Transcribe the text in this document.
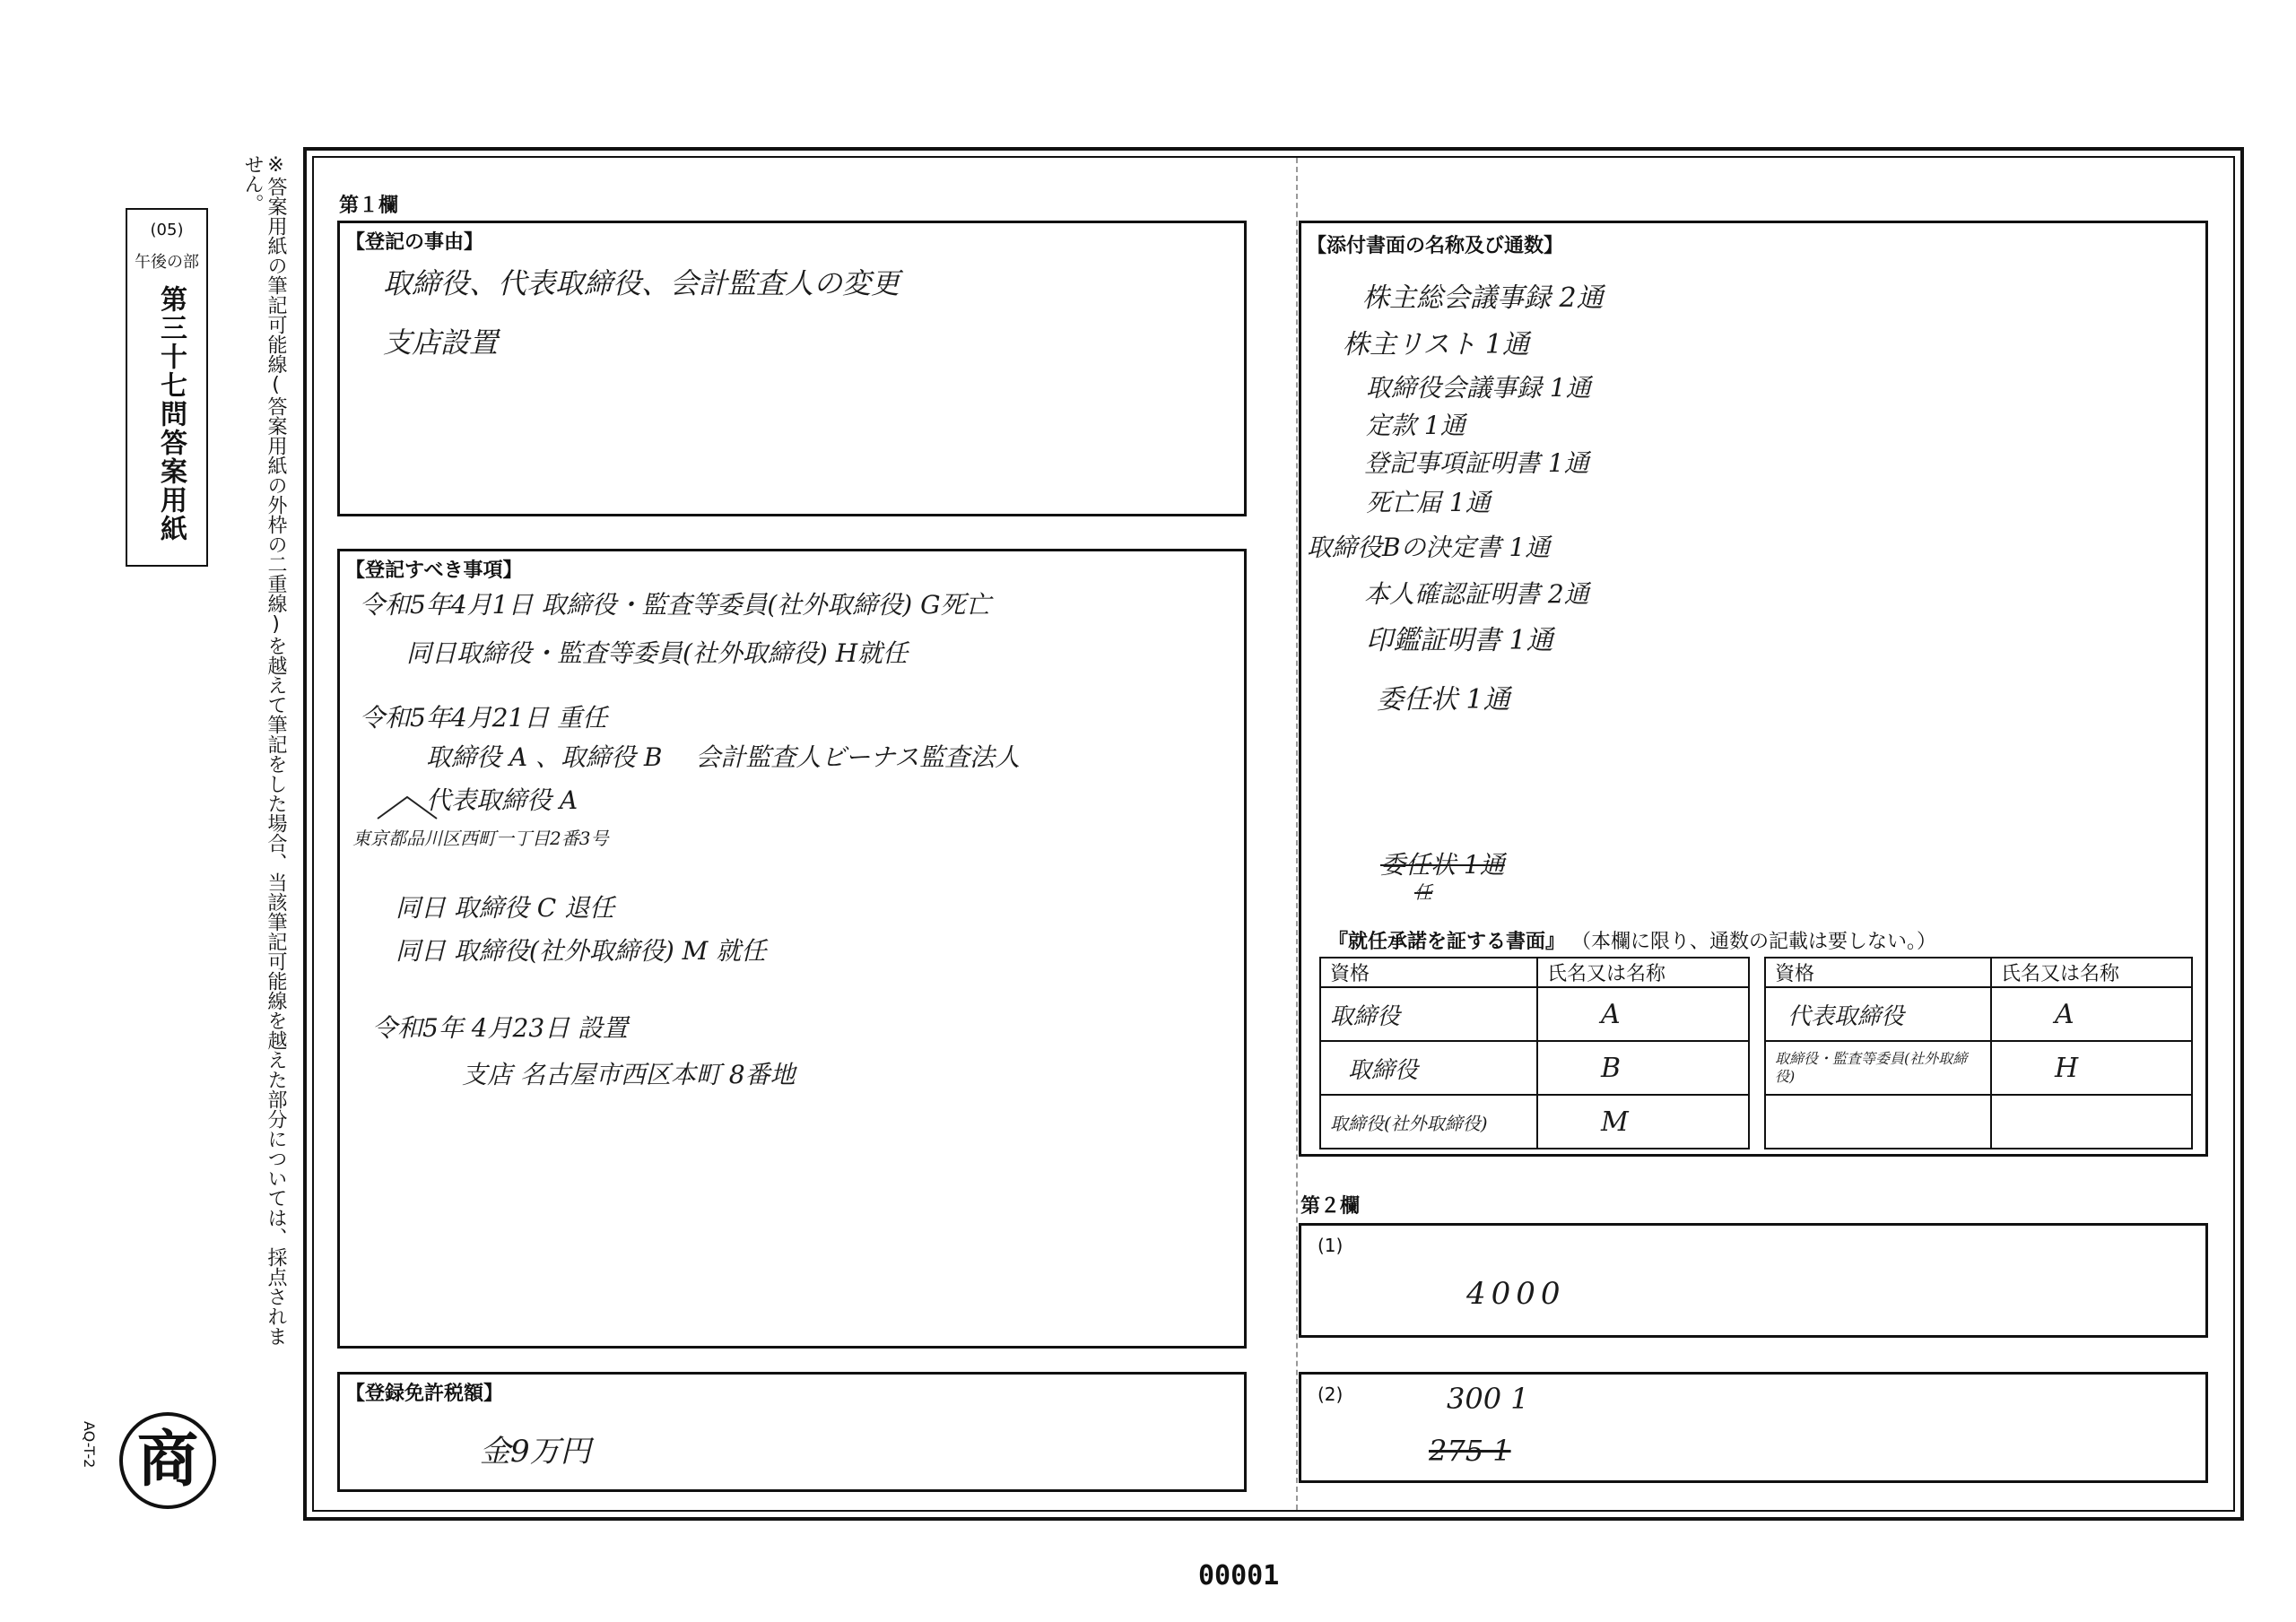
(05)
午後の部
第三十七問答案用紙	※答案用紙の筆記可能線(答案用紙の外枠の二重線)を越えて筆記をした場合、当該筆記可能線を越えた部分については、採点されません。
AQ-T-2 商
第１欄
【登記の事由】
取締役、代表取締役、会計監査人の変更
支店設置
【登記すべき事項】
令和5年4月1日 取締役・監査等委員(社外取締役) G死亡
同日取締役・監査等委員(社外取締役) H就任
令和5年4月21日 重任
取締役 A 、取締役 B 　会計監査人ビーナス監査法人
代表取締役 A
東京都品川区西町一丁目2番3号
同日 取締役 C 退任
同日 取締役(社外取締役) M 就任
令和5年 4月23日 設置
支店 名古屋市西区本町 8番地
【登録免許税額】
金9万円
【添付書面の名称及び通数】
株主総会議事録 2通
株主リスト 1通
取締役会議事録 1通
定款 1通
登記事項証明書 1通
死亡届 1通
取締役Bの決定書 1通
本人確認証明書 2通
印鑑証明書 1通
委任状 1通
委任状 1通
任
『就任承諾を証する書面』 （本欄に限り、通数の記載は要しない。）
資格	氏名又は名称
取締役	A
取締役	B
取締役(社外取締役)	M
資格	氏名又は名称
代表取締役	A
取締役・監査等委員(社外取締役)	H

第２欄
(1)
4000
(2)	300 1
275 1
00001
